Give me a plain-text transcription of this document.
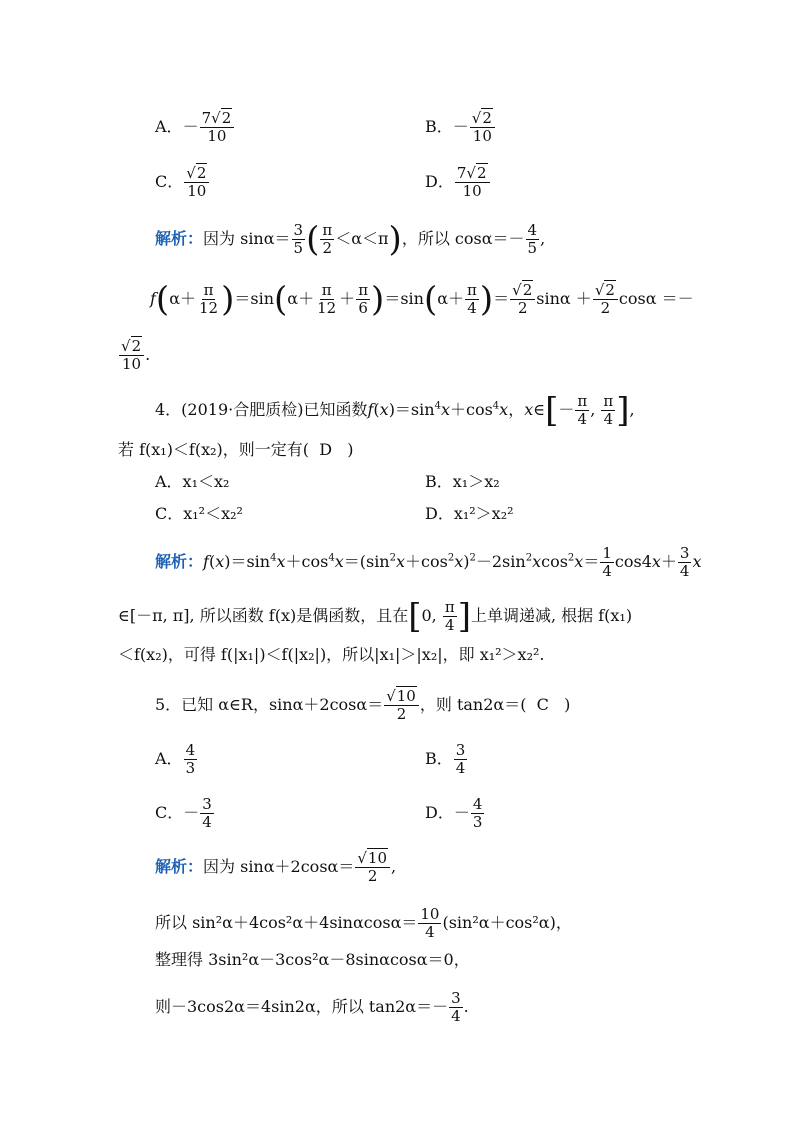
A．－ $\frac{7 √ 2}{10}$	B．－ √ $\frac{2}{10}$
C． √ $\frac{2}{10}$	D． $\frac{7 √ 2}{10}$
解析：因为 $\sin\alpha= \frac{3}{5}$ ( $\frac{\pi}{2} <\alpha<\pi$)，所以 $\cos\alpha=- \frac{4}{5}$ ,
$f(\alpha+ \frac{\pi}{12} )=\sin(\alpha+ \frac{\pi}{12} + \frac{\pi}{6} )=\sin(\alpha+ \frac{\pi}{4}$ )＝ √ $\frac{2}{2}$ sinα ＋ √ $\frac{2}{2}$ cosα ＝－
√ $\frac{2}{10}$ .
4．(2019·合肥质检)已知函数$f(x)=\sin^4x+\cos^4x$，x∈[－ $\frac{\pi}{4}$ , $\frac{\pi}{4}$ ],
若 f(x₁)＜f(x₂)，则一定有( D   )
A．x₁＜x₂	B．x₁＞x₂
C．x₁²＜x₂²	D．x₁²＞x₂²
解析：$f(x)=\sin^4x+\cos^4x=(\sin^2x+\cos^2x)^2-2\sin^2xcos^2x= \frac{1}{4} \cos 4x+ \frac{3}{4}$ x
∈[－π, π], 所以函数 f(x)是偶函数，且在[0, $\frac{\pi}{4}$ ]上单调递减, 根据 f(x₁)
＜f(x₂)，可得 f(|x₁|)＜f(|x₂|)，所以|x₁|＞|x₂|，即 x₁²＞x₂².
5．已知 α∈R，sinα＋2cosα＝ √ $\frac{10}{2}$ ，则 tan2α＝( C   )
A． $\frac{4}{3}$	B． $\frac{3}{4}$
C．－ $\frac{3}{4}$	D．－ $\frac{4}{3}$
解析：因为 sinα＋2cosα＝ √ $\frac{10}{2}$ ,
所以 $\sin^2\alpha+4\cos^2\alpha+4\sin\alpha\cos\alpha= \frac{10}{4} (\sin^2\alpha+\cos^2\alpha)$，
整理得 3sin²α－3cos²α－8sinαcosα＝0，
则－3cos2α＝4sin2α，所以 $\tan 2\alpha=- \frac{3}{4}$ .
